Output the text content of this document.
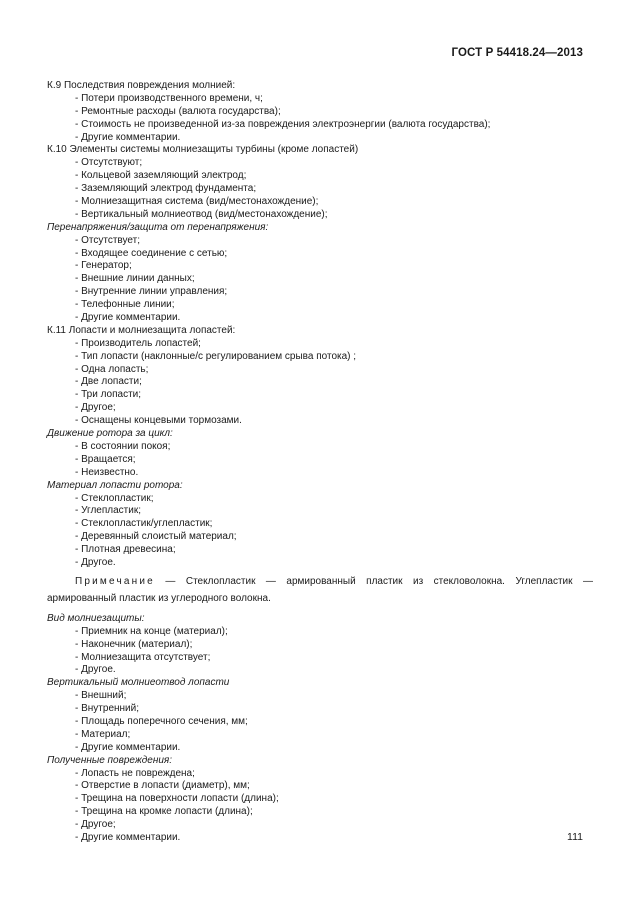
ГОСТ Р 54418.24—2013
К.9 Последствия повреждения молнией:
- Потери производственного времени, ч;
- Ремонтные расходы (валюта государства);
- Стоимость не произведенной из-за повреждения электроэнергии (валюта государства);
- Другие комментарии.
К.10 Элементы системы молниезащиты турбины (кроме лопастей)
- Отсутствуют;
- Кольцевой заземляющий электрод;
- Заземляющий электрод фундамента;
- Молниезащитная система (вид/местонахождение);
- Вертикальный молниеотвод (вид/местонахождение);
Перенапряжения/защита от перенапряжения:
- Отсутствует;
- Входящее соединение с сетью;
- Генератор;
- Внешние линии данных;
- Внутренние линии управления;
- Телефонные линии;
- Другие комментарии.
К.11 Лопасти и молниезащита лопастей:
- Производитель лопастей;
- Тип лопасти (наклонные/с регулированием срыва потока) ;
- Одна лопасть;
- Две лопасти;
- Три лопасти;
- Другое;
- Оснащены концевыми тормозами.
Движение ротора за цикл:
- В состоянии покоя;
- Вращается;
- Неизвестно.
Материал лопасти ротора:
- Стеклопластик;
- Углепластик;
- Стеклопластик/углепластик;
- Деревянный слоистый материал;
- Плотная древесина;
- Другое.
Примечание — Стеклопластик — армированный пластик из стекловолокна. Углепластик — армированный пластик из углеродного волокна.
Вид молниезащиты:
- Приемник на конце (материал);
- Наконечник (материал);
- Молниезащита отсутствует;
- Другое.
Вертикальный молниеотвод лопасти
- Внешний;
- Внутренний;
- Площадь поперечного сечения, мм;
- Материал;
- Другие комментарии.
Полученные повреждения:
- Лопасть не повреждена;
- Отверстие в лопасти (диаметр), мм;
- Трещина на поверхности лопасти (длина);
- Трещина на кромке лопасти (длина);
- Другое;
- Другие комментарии.	111
